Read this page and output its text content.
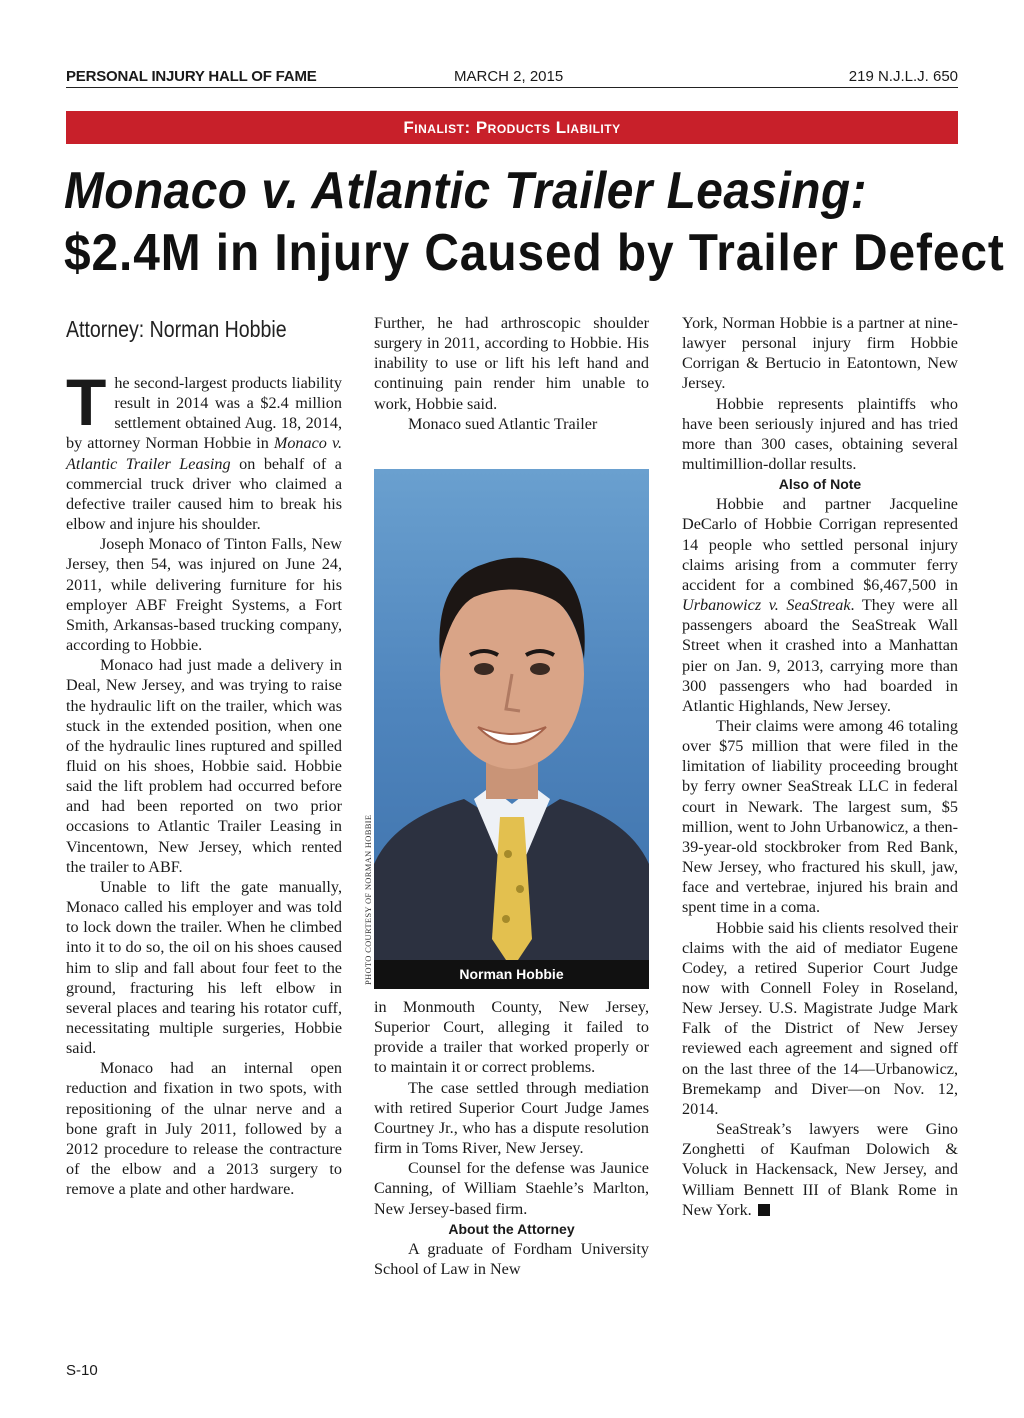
PERSONAL INJURY HALL OF FAME	MARCH 2, 2015	219 N.J.L.J. 650
Finalist: Products Liability
Monaco v. Atlantic Trailer Leasing:
$2.4M in Injury Caused by Trailer Defect
Attorney: Norman Hobbie

The second-largest products liability result in 2014 was a $2.4 million settlement obtained Aug. 18, 2014, by attorney Norman Hobbie in Monaco v. Atlantic Trailer Leasing on behalf of a commercial truck driver who claimed a defective trailer caused him to break his elbow and injure his shoulder.

Joseph Monaco of Tinton Falls, New Jersey, then 54, was injured on June 24, 2011, while delivering furniture for his employer ABF Freight Systems, a Fort Smith, Arkansas-based trucking company, according to Hobbie.

Monaco had just made a delivery in Deal, New Jersey, and was trying to raise the hydraulic lift on the trailer, which was stuck in the extended position, when one of the hydraulic lines ruptured and spilled fluid on his shoes, Hobbie said. Hobbie said the lift problem had occurred before and had been reported on two prior occasions to Atlantic Trailer Leasing in Vincentown, New Jersey, which rented the trailer to ABF.

Unable to lift the gate manually, Monaco called his employer and was told to lock down the trailer. When he climbed into it to do so, the oil on his shoes caused him to slip and fall about four feet to the ground, fracturing his left elbow in several places and tearing his rotator cuff, necessitating multiple surgeries, Hobbie said.

Monaco had an internal open reduction and fixation in two spots, with repositioning of the ulnar nerve and a bone graft in July 2011, followed by a 2012 procedure to release the contracture of the elbow and a 2013 surgery to remove a plate and other hardware.

Further, he had arthroscopic shoulder surgery in 2011, according to Hobbie. His inability to use or lift his left hand and continuing pain render him unable to work, Hobbie said.

Monaco sued Atlantic Trailer

Norman Hobbie
PHOTO COURTESY OF NORMAN HOBBIE

in Monmouth County, New Jersey, Superior Court, alleging it failed to provide a trailer that worked properly or to maintain it or correct problems.

The case settled through mediation with retired Superior Court Judge James Courtney Jr., who has a dispute resolution firm in Toms River, New Jersey.

Counsel for the defense was Jaunice Canning, of William Staehle’s Marlton, New Jersey-based firm.

About the Attorney

A graduate of Fordham University School of Law in New

York, Norman Hobbie is a partner at nine-lawyer personal injury firm Hobbie Corrigan & Bertucio in Eatontown, New Jersey.

Hobbie represents plaintiffs who have been seriously injured and has tried more than 300 cases, obtaining several multimillion-dollar results.

Also of Note

Hobbie and partner Jacqueline DeCarlo of Hobbie Corrigan represented 14 people who settled personal injury claims arising from a commuter ferry accident for a combined $6,467,500 in Urbanowicz v. SeaStreak. They were all passengers aboard the SeaStreak Wall Street when it crashed into a Manhattan pier on Jan. 9, 2013, carrying more than 300 passengers who had boarded in Atlantic Highlands, New Jersey.

Their claims were among 46 totaling over $75 million that were filed in the limitation of liability proceeding brought by ferry owner SeaStreak LLC in federal court in Newark. The largest sum, $5 million, went to John Urbanowicz, a then-39-year-old stockbroker from Red Bank, New Jersey, who fractured his skull, jaw, face and vertebrae, injured his brain and spent time in a coma.

Hobbie said his clients resolved their claims with the aid of mediator Eugene Codey, a retired Superior Court Judge now with Connell Foley in Roseland, New Jersey. U.S. Magistrate Judge Mark Falk of the District of New Jersey reviewed each agreement and signed off on the last three of the 14—Urbanowicz, Bremekamp and Diver—on Nov. 12, 2014.

SeaStreak’s lawyers were Gino Zonghetti of Kaufman Dolowich & Voluck in Hackensack, New Jersey, and William Bennett III of Blank Rome in New York.

S-10
